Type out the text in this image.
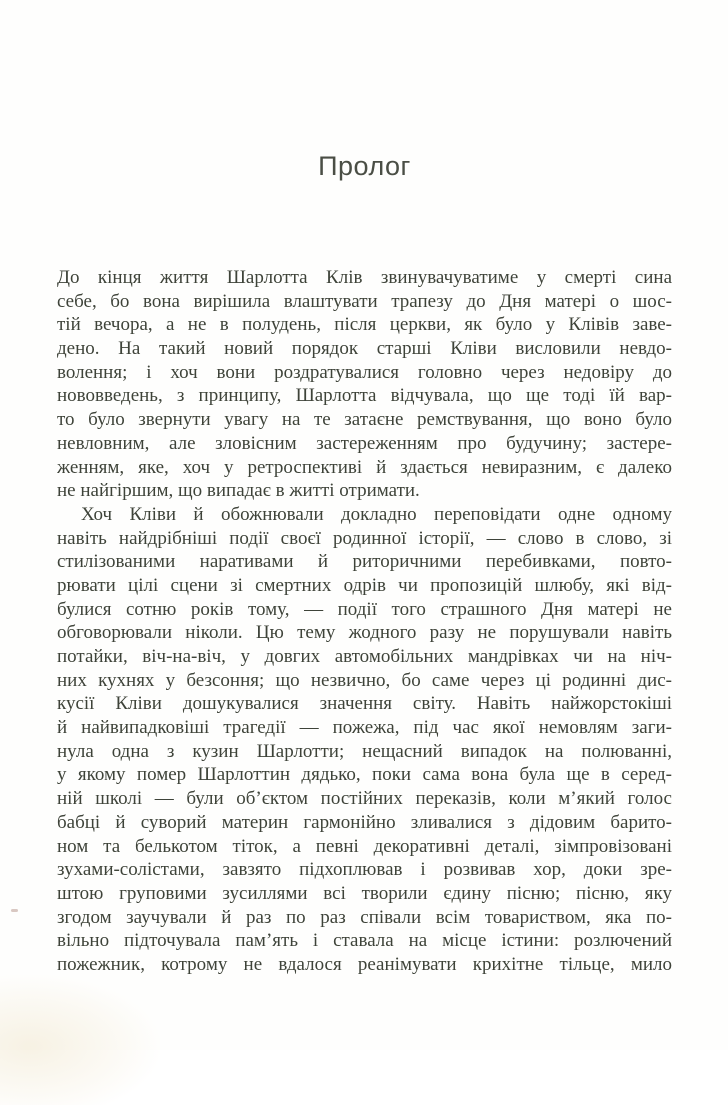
Пролог
До кінця життя Шарлотта Клів звинувачуватиме у смерті сина
себе, бо вона вирішила влаштувати трапезу до Дня матері о шос-
тій вечора, а не в полудень, після церкви, як було у Клівів заве-
дено. На такий новий порядок старші Кліви висловили невдо-
волення; і хоч вони роздратувалися головно через недовіру до
нововведень, з принципу, Шарлотта відчувала, що ще тоді їй вар-
то було звернути увагу на те затаєне ремствування, що воно було
невловним, але зловісним застереженням про будучину; застере-
женням, яке, хоч у ретроспективі й здається невиразним, є далеко
не найгіршим, що випадає в житті отримати.
Хоч Кліви й обожнювали докладно переповідати одне одному
навіть найдрібніші події своєї родинної історії, — слово в слово, зі
стилізованими наративами й риторичними перебивками, повто-
рювати цілі сцени зі смертних одрів чи пропозицій шлюбу, які від-
булися сотню років тому, — події того страшного Дня матері не
обговорювали ніколи. Цю тему жодного разу не порушували навіть
потайки, віч-на-віч, у довгих автомобільних мандрівках чи на ніч-
них кухнях у безсоння; що незвично, бо саме через ці родинні дис-
кусії Кліви дошукувалися значення світу. Навіть найжорстокіші
й найвипадковіші трагедії — пожежа, під час якої немовлям заги-
нула одна з кузин Шарлотти; нещасний випадок на полюванні,
у якому помер Шарлоттин дядько, поки сама вона була ще в серед-
ній школі — були об’єктом постійних переказів, коли м’який голос
бабці й суворий материн гармонійно зливалися з дідовим барито-
ном та белькотом тіток, а певні декоративні деталі, зімпровізовані
зухами-солістами, завзято підхоплював і розвивав хор, доки зре-
штою груповими зусиллями всі творили єдину пісню; пісню, яку
згодом заучували й раз по раз співали всім товариством, яка по-
вільно підточувала пам’ять і ставала на місце істини: розлючений
пожежник, котрому не вдалося реанімувати крихітне тільце, мило
